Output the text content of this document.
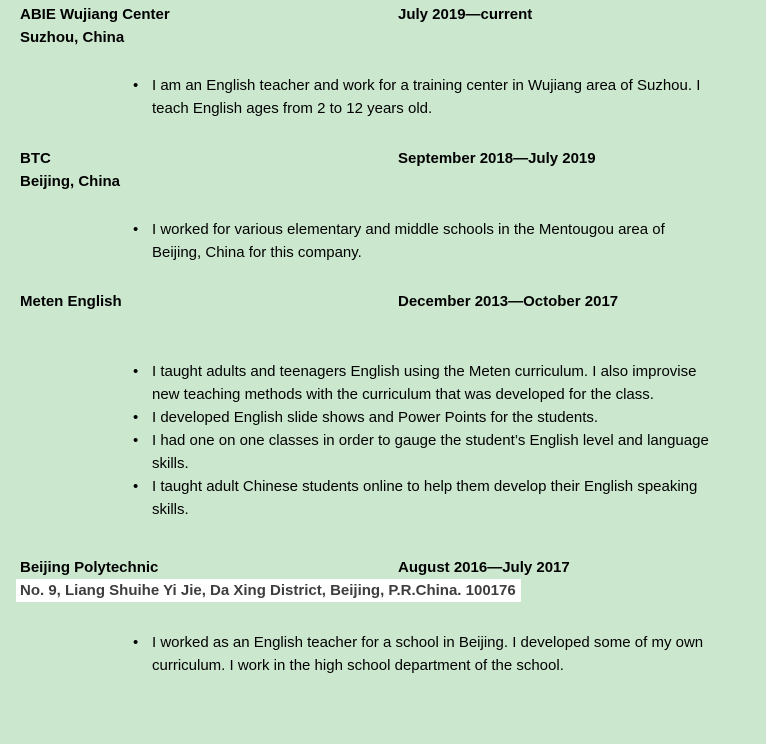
ABIE Wujiang Center	July 2019—current
Suzhou, China
• I am an English teacher and work for a training center in Wujiang area of Suzhou. I teach English ages from 2 to 12 years old.
BTC	September 2018—July 2019
Beijing, China
• I worked for various elementary and middle schools in the Mentougou area of Beijing, China for this company.
Meten English	December 2013—October 2017
• I taught adults and teenagers English using the Meten curriculum. I also improvise new teaching methods with the curriculum that was developed for the class.
• I developed English slide shows and Power Points for the students.
• I had one on one classes in order to gauge the student’s English level and language skills.
• I taught adult Chinese students online to help them develop their English speaking skills.
Beijing Polytechnic	August 2016—July 2017
No. 9, Liang Shuihe Yi Jie, Da Xing District, Beijing, P.R.China. 100176
• I worked as an English teacher for a school in Beijing. I developed some of my own curriculum. I work in the high school department of the school.
